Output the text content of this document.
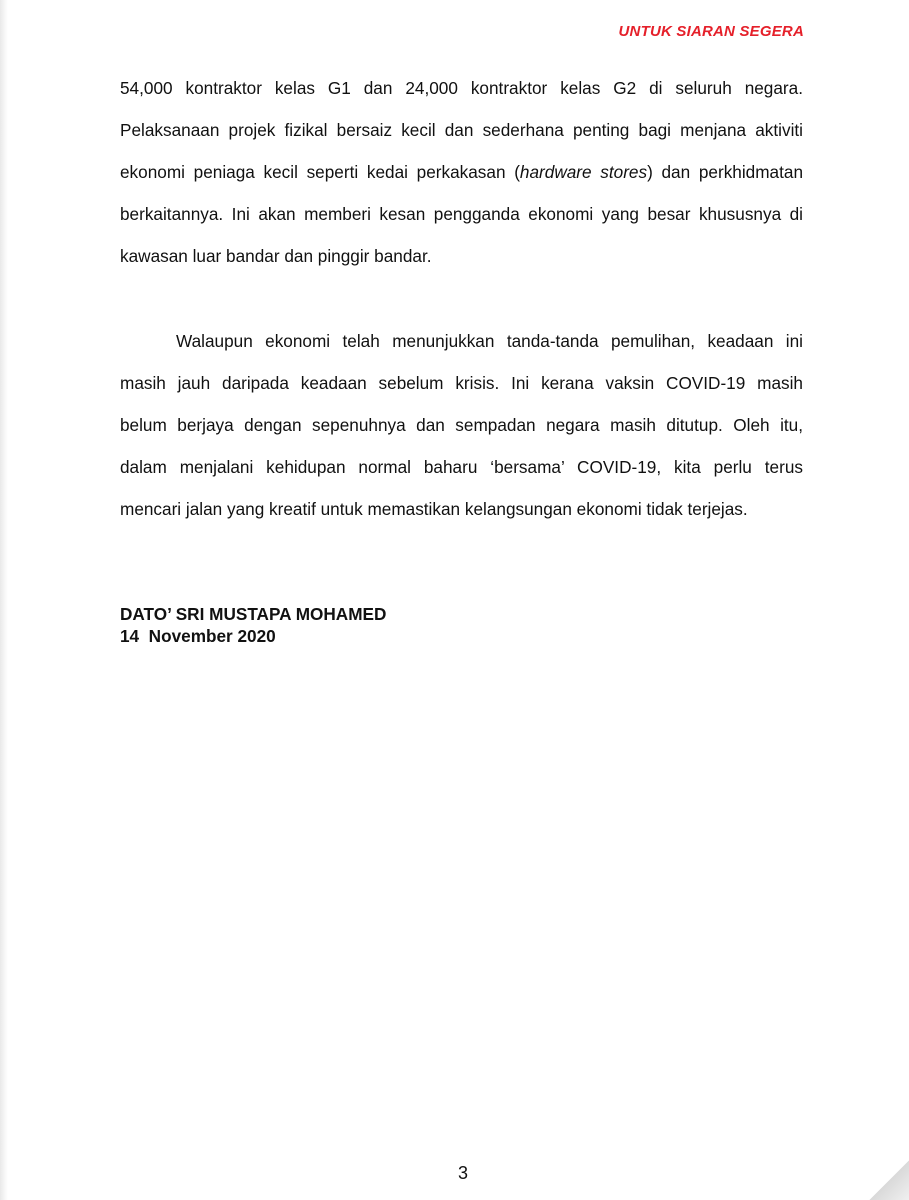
UNTUK SIARAN SEGERA
54,000 kontraktor kelas G1 dan 24,000 kontraktor kelas G2 di seluruh negara.
Pelaksanaan projek fizikal bersaiz kecil dan sederhana penting bagi menjana aktiviti
ekonomi peniaga kecil seperti kedai perkakasan (hardware stores) dan perkhidmatan
berkaitannya. Ini akan memberi kesan pengganda ekonomi yang besar khususnya di
kawasan luar bandar dan pinggir bandar.
Walaupun ekonomi telah menunjukkan tanda-tanda pemulihan, keadaan ini
masih jauh daripada keadaan sebelum krisis. Ini kerana vaksin COVID-19 masih
belum berjaya dengan sepenuhnya dan sempadan negara masih ditutup. Oleh itu,
dalam menjalani kehidupan normal baharu ‘bersama’ COVID-19, kita perlu terus
mencari jalan yang kreatif untuk memastikan kelangsungan ekonomi tidak terjejas.
DATO’ SRI MUSTAPA MOHAMED
14  November 2020
3
